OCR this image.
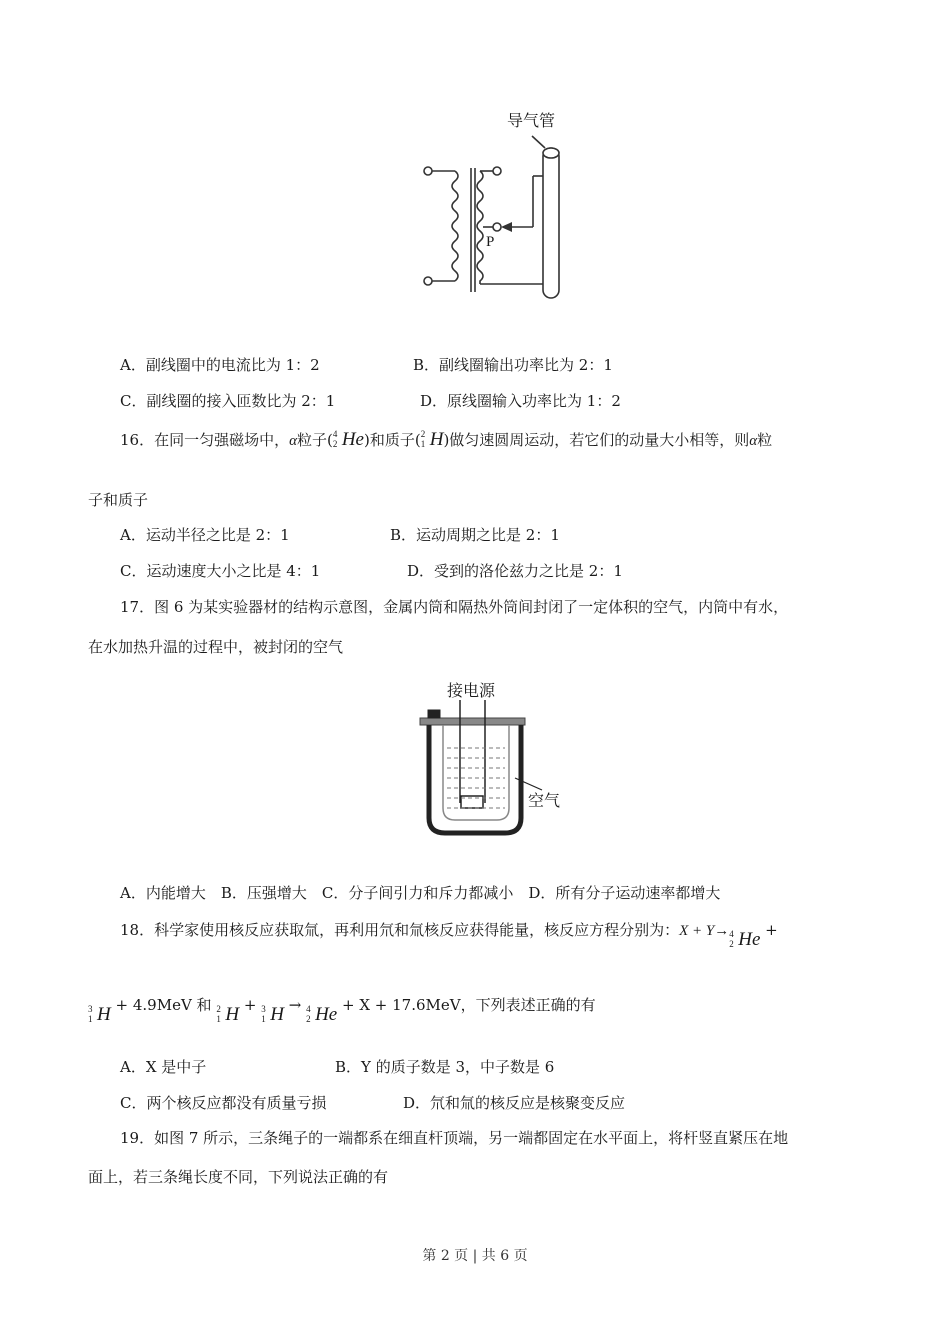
导气管
P
A．副线圈中的电流比为 1：2	B．副线圈输出功率比为 2：1
C．副线圈的接入匝数比为 2：1	D．原线圈输入功率比为 1：2
16．在同一匀强磁场中，α粒子( 4
2 He)和质子( 2
1 H)做匀速圆周运动，若它们的动量大小相等，则α粒
子和质子
A．运动半径之比是 2：1	B．运动周期之比是 2：1
C．运动速度大小之比是 4：1	D．受到的洛伦兹力之比是 2：1
17．图 6 为某实验器材的结构示意图，金属内筒和隔热外筒间封闭了一定体积的空气，内筒中有水，
在水加热升温的过程中，被封闭的空气
接电源
空气
A．内能增大　B．压强增大　C．分子间引力和斥力都减小　D．所有分子运动速率都增大
18．科学家使用核反应获取氚，再利用氘和氚核反应获得能量，核反应方程分别为：X + Y→ 4
2 He +
3
1 H + 4.9MeV 和 2
1 H + 3
1 H → 4
2 He + X + 17.6MeV，下列表述正确的有
A．X 是中子	B．Y 的质子数是 3，中子数是 6
C．两个核反应都没有质量亏损	D．氘和氚的核反应是核聚变反应
19．如图 7 所示，三条绳子的一端都系在细直杆顶端，另一端都固定在水平面上，将杆竖直紧压在地
面上，若三条绳长度不同，下列说法正确的有
第 2 页 | 共 6 页
